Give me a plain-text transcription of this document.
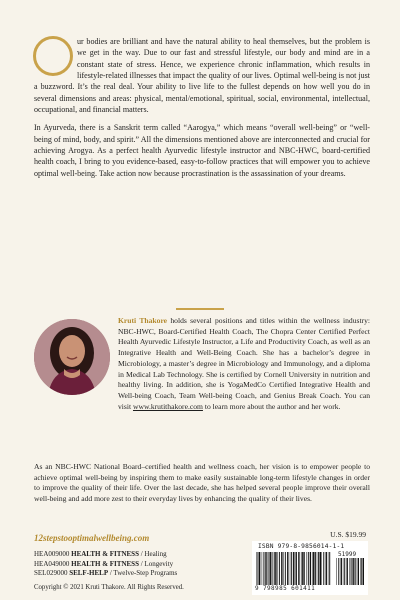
ur bodies are brilliant and have the natural ability to heal themselves, but the problem is we get in the way. Due to our fast and stressful lifestyle, our body and mind are in a constant state of stress. Hence, we experience chronic inflammation, which results in lifestyle-related illnesses that impact the quality of our lives. Optimal well-being is not just a buzzword. It’s the real deal. Your ability to live life to the fullest depends on how well you do in several dimensions and areas: physical, mental/emotional, spiritual, social, environmental, intellectual, occupational, and financial matters.

In Ayurveda, there is a Sanskrit term called “Aarogya,” which means “overall well-being” or “well-being of mind, body, and spirit.” All the dimensions mentioned above are interconnected and crucial for achieving Arogya. As a perfect health Ayurvedic lifestyle instructor and NBC-HWC, board-certified health coach, I bring to you evidence-based, easy-to-follow practices that will empower you to achieve optimal well-being. Take action now because procrastination is the assassination of your dreams.

Kruti Thakore holds several positions and titles within the wellness industry: NBC-HWC, Board-Certified Health Coach, The Chopra Center Certified Perfect Health Ayurvedic Lifestyle Instructor, a Life and Productivity Coach, as well as an Integrative Health and Well-Being Coach. She has a bachelor’s degree in Microbiology, a master’s degree in Microbiology and Immunology, and a diploma in Medical Lab Technology. She is certified by Cornell University in nutrition and healthy living. In addition, she is YogaMedCo Certified Integrative Health and Well-being Coach, Team Well-being Coach, and Genius Break Coach. You can visit www.krutithakore.com to learn more about the author and her work.
As an NBC-HWC National Board–certified health and wellness coach, her vision is to empower people to achieve optimal well-being by inspiring them to make easily sustainable long-term lifestyle changes in order to improve the quality of their life. Over the last decade, she has helped several people improve their overall well-being and add more zest to their everyday lives by enhancing the quality of their lives.
U.S. $19.99
12stepstooptimalwellbeing.com
HEA009000 HEALTH & FITNESS / Healing
HEA049000 HEALTH & FITNESS / Longevity
SEL029000 SELF-HELP / Twelve-Step Programs
Copyright © 2021 Kruti Thakore. All Rights Reserved.
ISBN 979-8-9856014-1-1
51999
9 798985 601411
